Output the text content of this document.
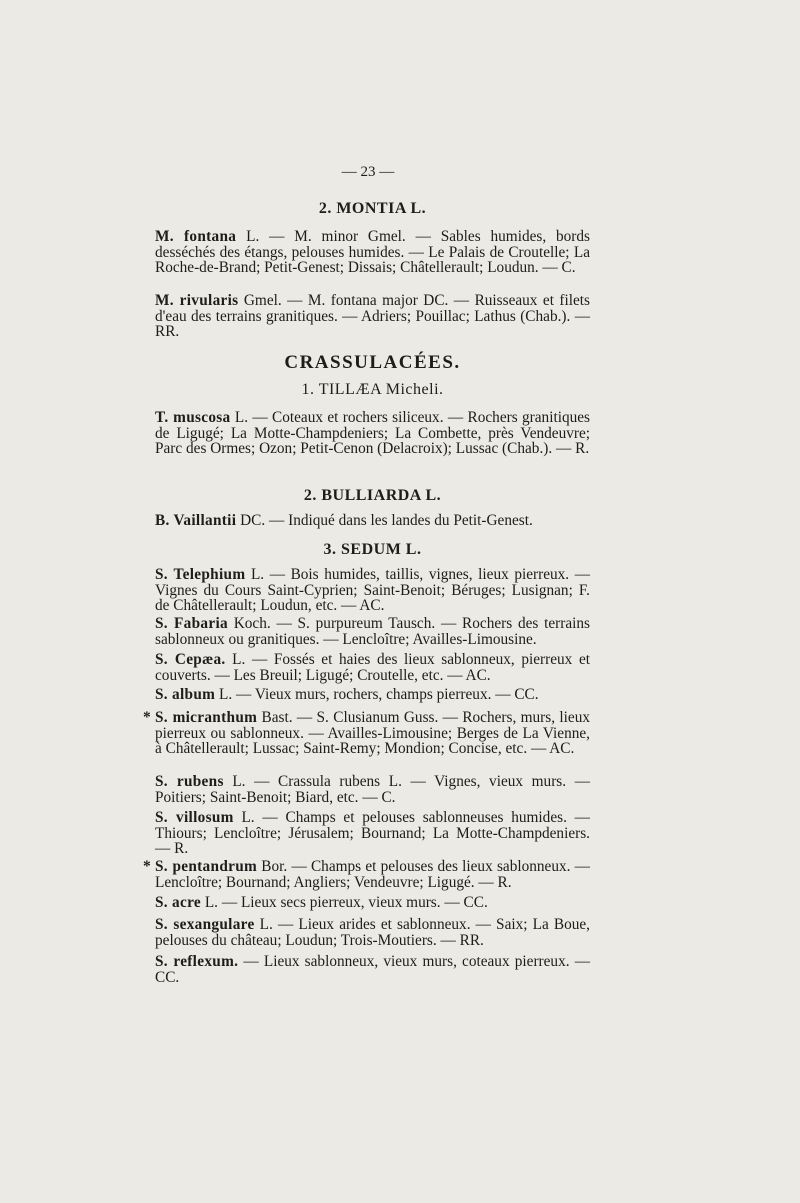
— 23 —

2. MONTIA L.

M. fontana L. — M. minor Gmel. — Sables humides, bords desséchés des étangs, pelouses humides. — Le Palais de Croutelle; La Roche-de-Brand; Petit-Genest; Dissais; Châtellerault; Loudun. — C.

M. rivularis Gmel. — M. fontana major DC. — Ruisseaux et filets d'eau des terrains granitiques. — Adriers; Pouillac; Lathus (Chab.). — RR.

CRASSULACÉES.

1. TILLÆA Micheli.

T. muscosa L. — Coteaux et rochers siliceux. — Rochers granitiques de Ligugé; La Motte-Champdeniers; La Combette, près Vendeuvre; Parc des Ormes; Ozon; Petit-Cenon (Delacroix); Lussac (Chab.). — R.

2. BULLIARDA L.

B. Vaillantii DC. — Indiqué dans les landes du Petit-Genest.

3. SEDUM L.

S. Telephium L. — Bois humides, taillis, vignes, lieux pierreux. — Vignes du Cours Saint-Cyprien; Saint-Benoit; Béruges; Lusignan; F. de Châtellerault; Loudun, etc. — AC.

S. Fabaria Koch. — S. purpureum Tausch. — Rochers des terrains sablonneux ou granitiques. — Lencloître; Availles-Limousine.

S. Cepæa. L. — Fossés et haies des lieux sablonneux, pierreux et couverts. — Les Breuil; Ligugé; Croutelle, etc. — AC.

S. album L. — Vieux murs, rochers, champs pierreux. — CC.

* S. micranthum Bast. — S. Clusianum Guss. — Rochers, murs, lieux pierreux ou sablonneux. — Availles-Limousine; Berges de La Vienne, à Châtellerault; Lussac; Saint-Remy; Mondion; Concise, etc. — AC.

S. rubens L. — Crassula rubens L. — Vignes, vieux murs. — Poitiers; Saint-Benoit; Biard, etc. — C.

S. villosum L. — Champs et pelouses sablonneuses humides. — Thiours; Lencloître; Jérusalem; Bournand; La Motte-Champdeniers. — R.

* S. pentandrum Bor. — Champs et pelouses des lieux sablonneux. — Lencloître; Bournand; Angliers; Vendeuvre; Ligugé. — R.

S. acre L. — Lieux secs pierreux, vieux murs. — CC.

S. sexangulare L. — Lieux arides et sablonneux. — Saix; La Boue, pelouses du château; Loudun; Trois-Moutiers. — RR.

S. reflexum. — Lieux sablonneux, vieux murs, coteaux pierreux. — CC.
